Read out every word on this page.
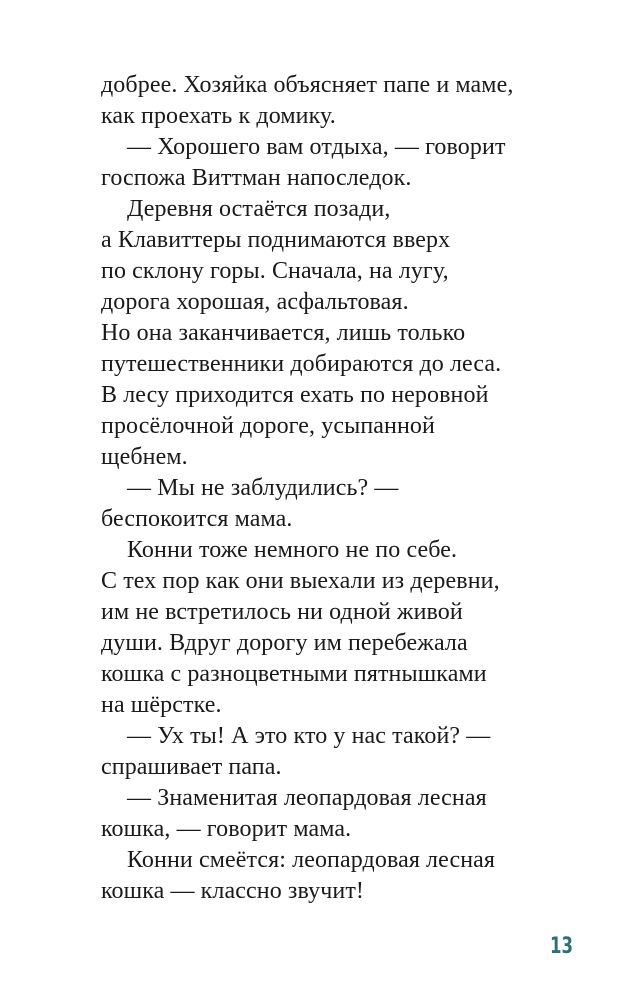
добрее. Хозяйка объясняет папе и маме,
как проехать к домику.
— Хорошего вам отдыха, — говорит
госпожа Виттман напоследок.
Деревня остаётся позади,
а Клавиттеры поднимаются вверх
по склону горы. Сначала, на лугу,
дорога хорошая, асфальтовая.
Но она заканчивается, лишь только
путешественники добираются до леса.
В лесу приходится ехать по неровной
просёлочной дороге, усыпанной
щебнем.
— Мы не заблудились? —
беспокоится мама.
Конни тоже немного не по себе.
С тех пор как они выехали из деревни,
им не встретилось ни одной живой
души. Вдруг дорогу им перебежала
кошка с разноцветными пятнышками
на шёрстке.
— Ух ты! А это кто у нас такой? —
спрашивает папа.
— Знаменитая леопардовая лесная
кошка, — говорит мама.
Конни смеётся: леопардовая лесная
кошка — классно звучит!
13
